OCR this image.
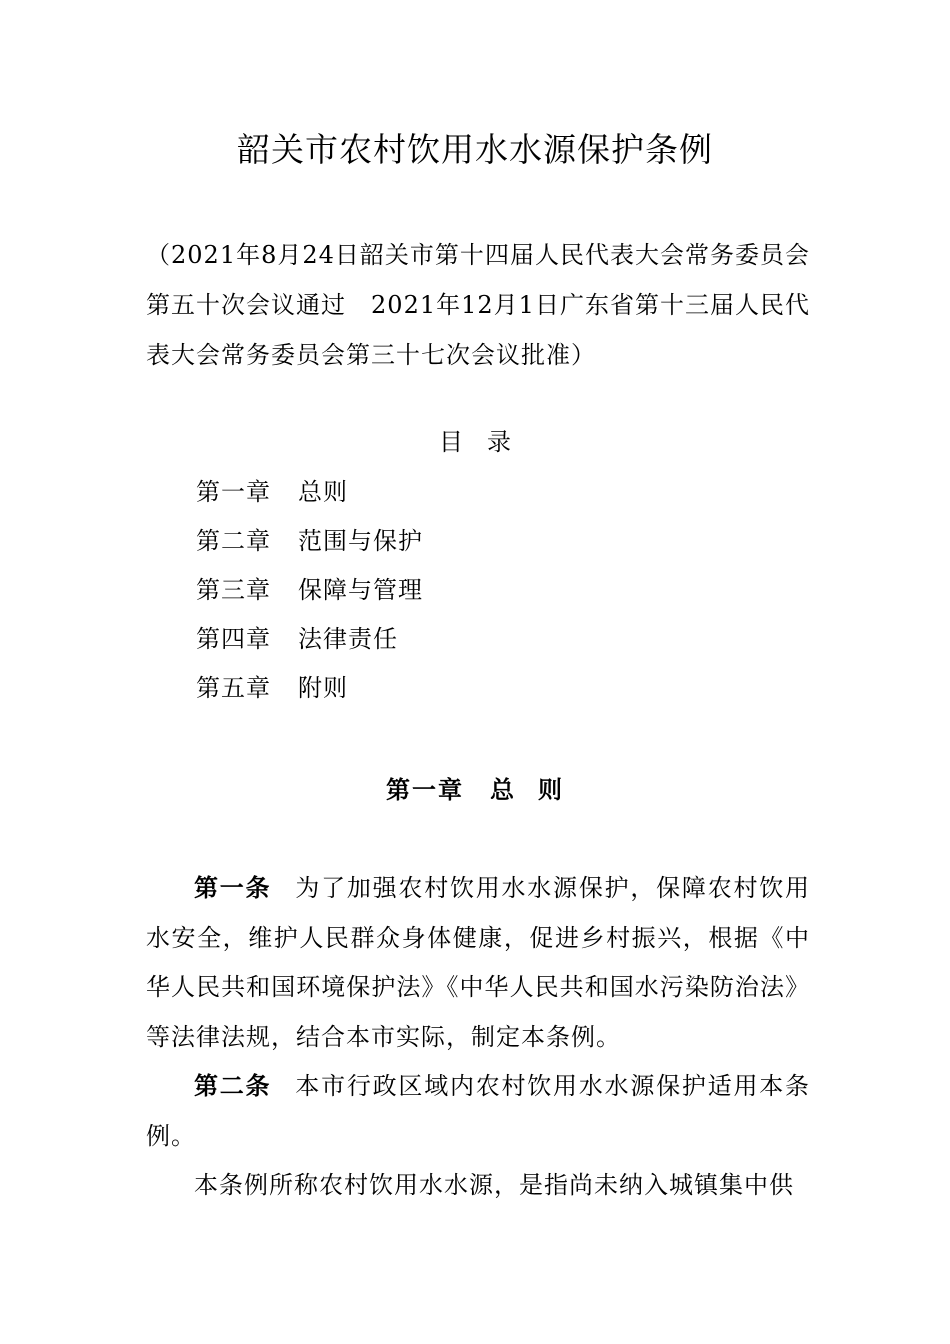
韶关市农村饮用水水源保护条例
（2021年8月24日韶关市第十四届人民代表大会常务委员会第五十次会议通过　2021年12月1日广东省第十三届人民代表大会常务委员会第三十七次会议批准）
目录
第一章 总则
第二章 范围与保护
第三章 保障与管理
第四章 法律责任
第五章 附则
第一章 总 则

第一条 为了加强农村饮用水水源保护，保障农村饮用水安全，维护人民群众身体健康，促进乡村振兴，根据《中华人民共和国环境保护法》《中华人民共和国水污染防治法》等法律法规，结合本市实际，制定本条例。

第二条 本市行政区域内农村饮用水水源保护适用本条例。

本条例所称农村饮用水水源，是指尚未纳入城镇集中供
